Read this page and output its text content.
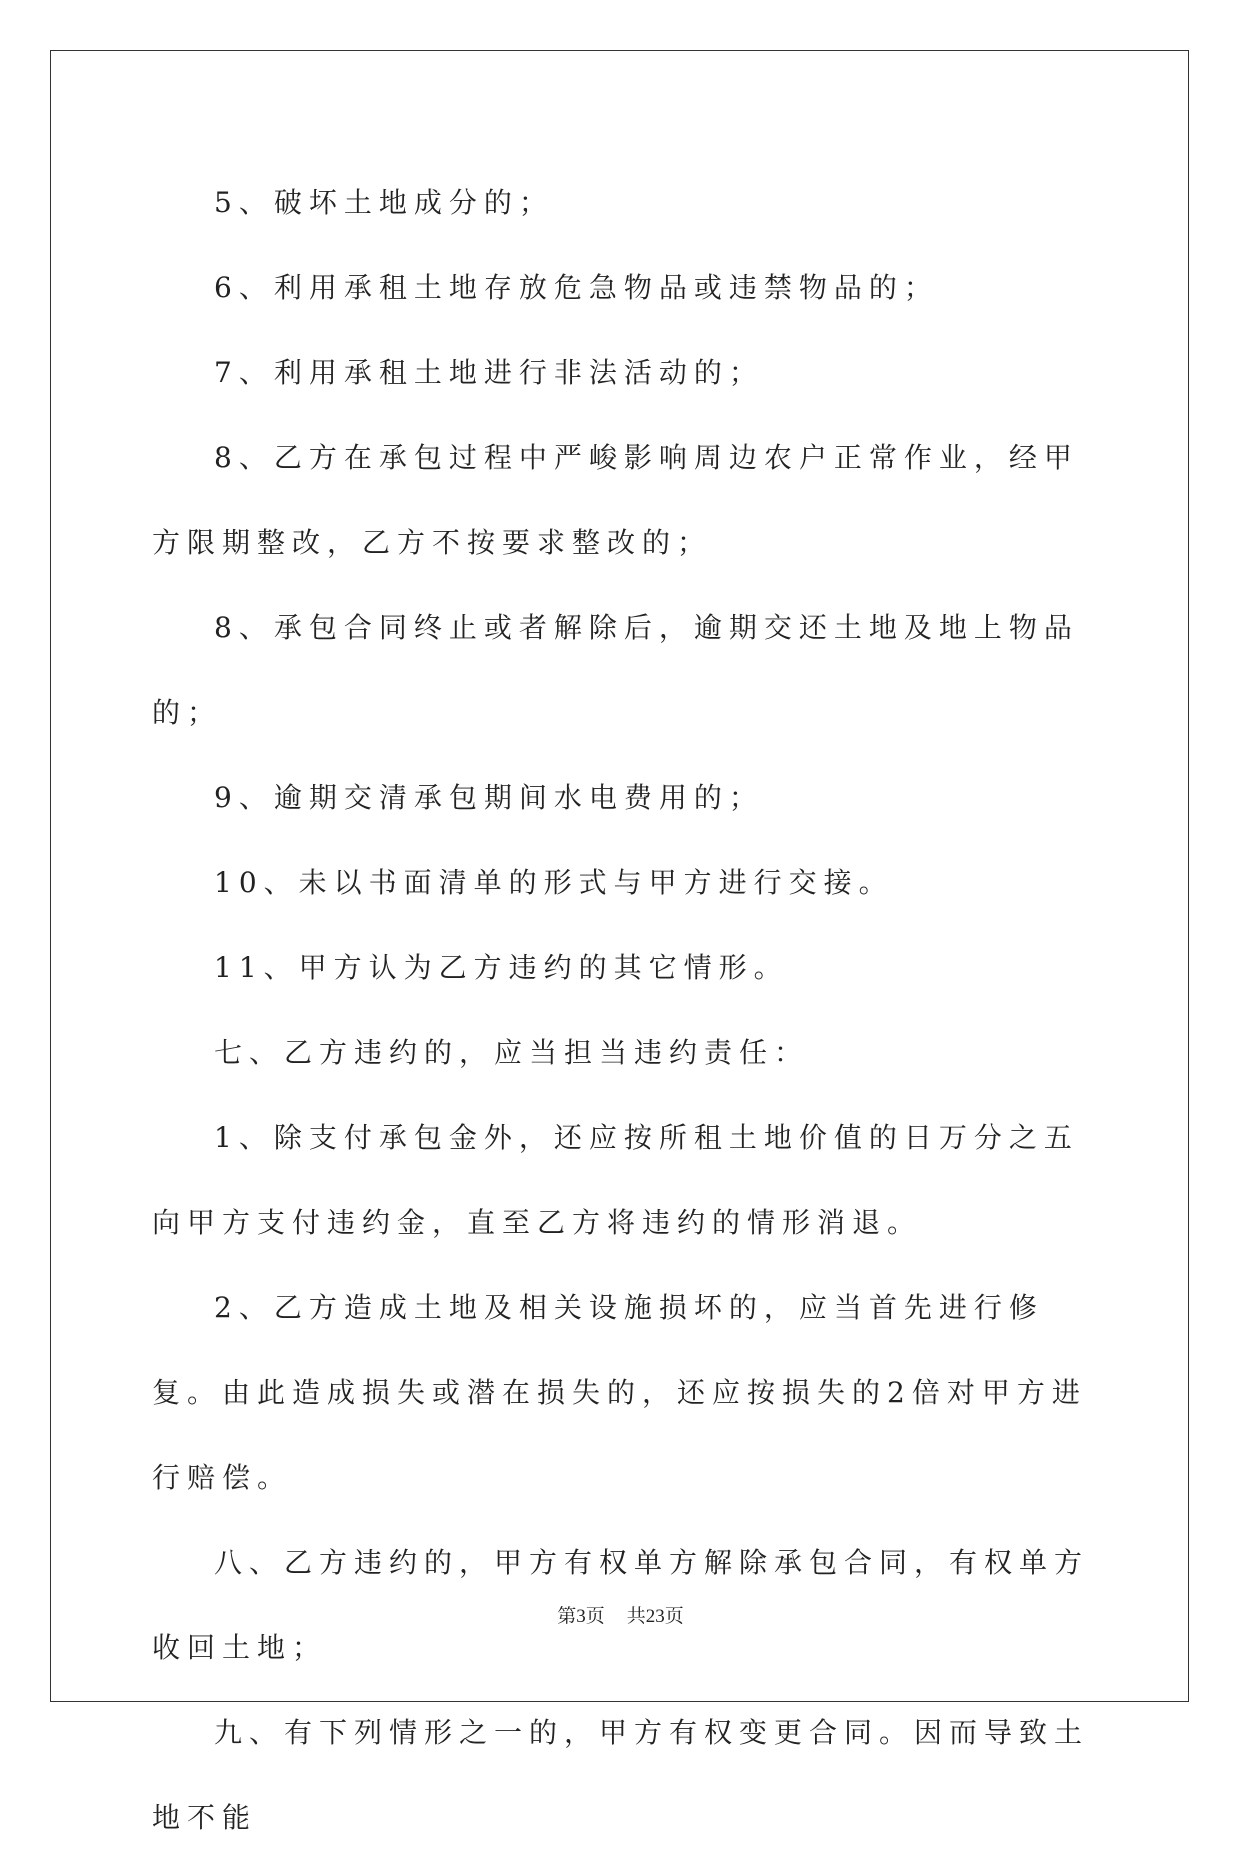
5、破坏土地成分的；

6、利用承租土地存放危急物品或违禁物品的；

7、利用承租土地进行非法活动的；

8、乙方在承包过程中严峻影响周边农户正常作业，经甲方限期整改，乙方不按要求整改的；

8、承包合同终止或者解除后，逾期交还土地及地上物品的；

9、逾期交清承包期间水电费用的；

10、未以书面清单的形式与甲方进行交接。

11、甲方认为乙方违约的其它情形。

七、乙方违约的，应当担当违约责任：

1、除支付承包金外，还应按所租土地价值的日万分之五向甲方支付违约金，直至乙方将违约的情形消退。

2、乙方造成土地及相关设施损坏的，应当首先进行修复。由此造成损失或潜在损失的，还应按损失的2倍对甲方进行赔偿。

八、乙方违约的，甲方有权单方解除承包合同，有权单方收回土地；

九、有下列情形之一的，甲方有权变更合同。因而导致土地不能

第3页 共23页
